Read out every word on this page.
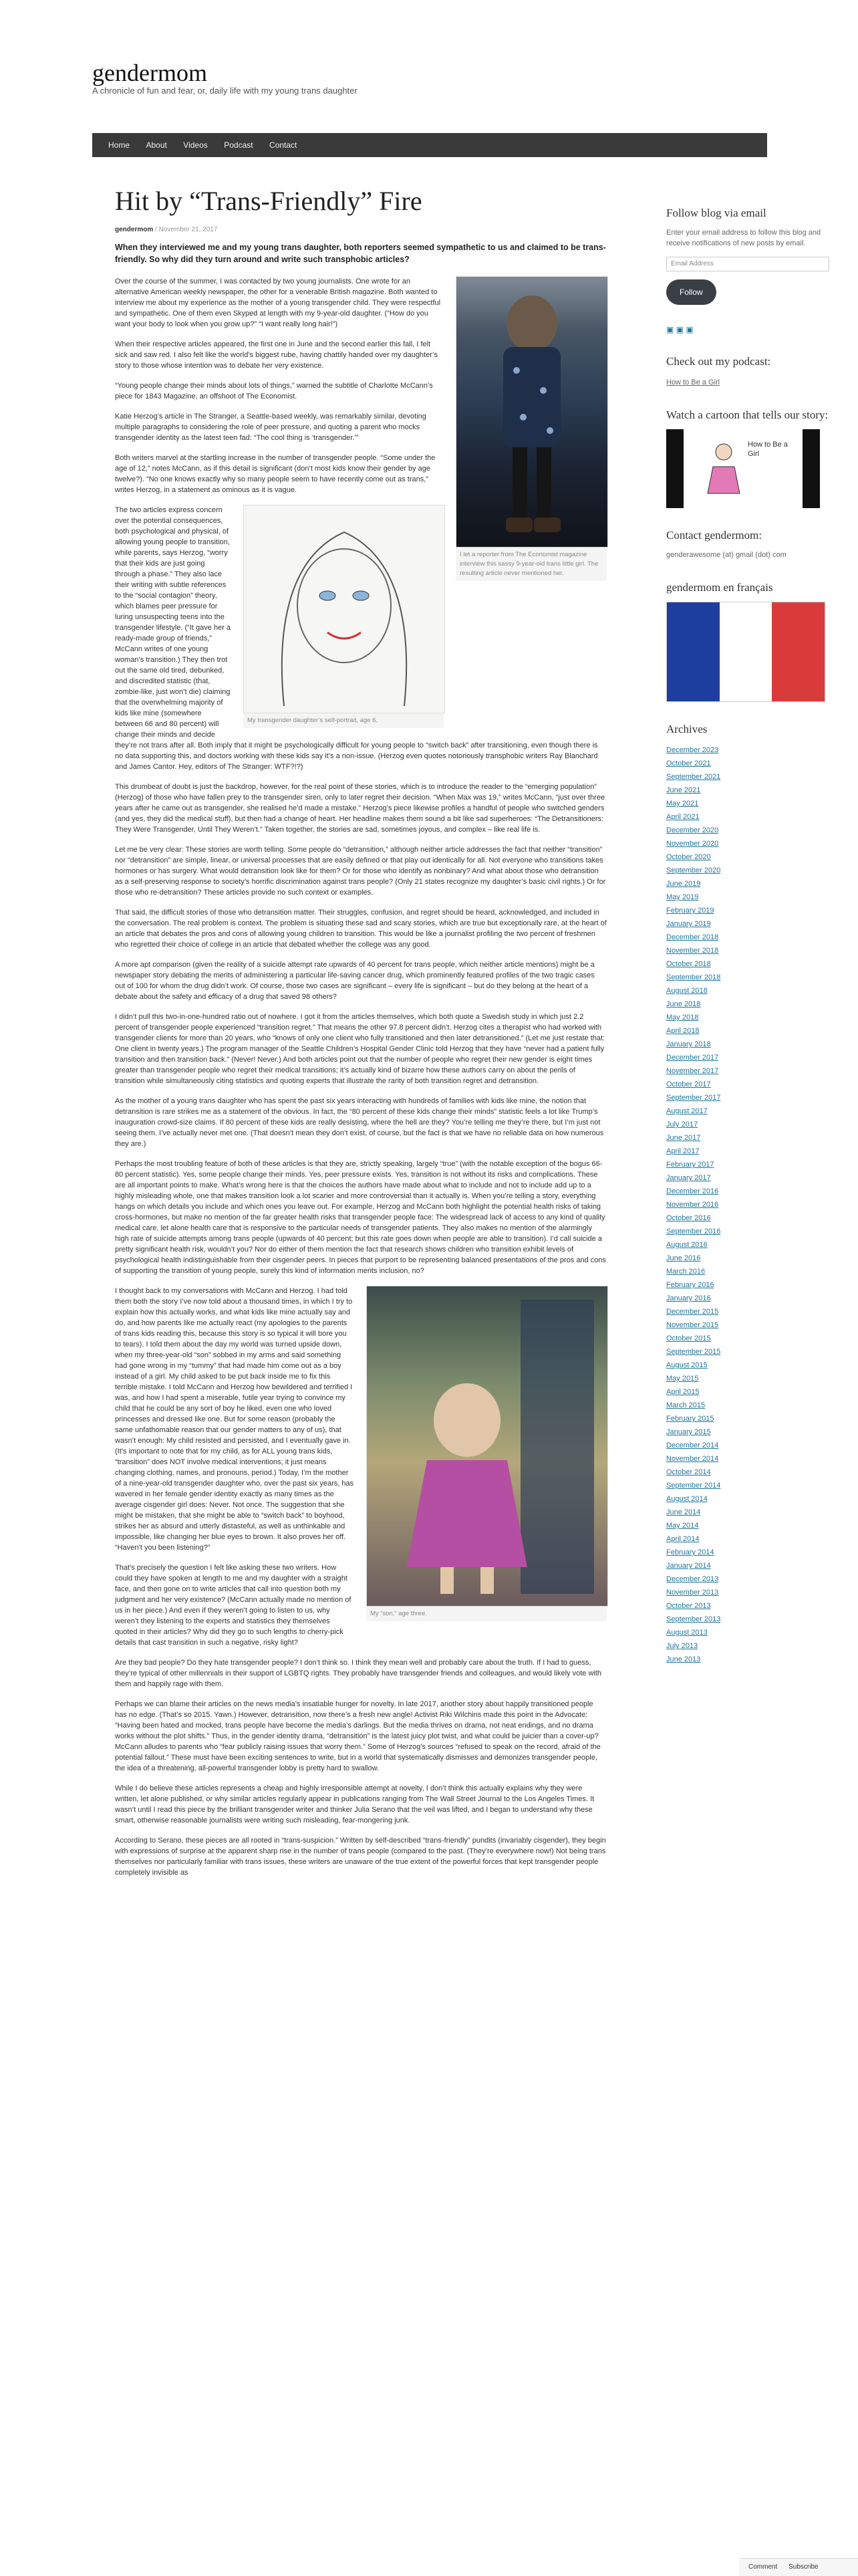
gendermom
A chronicle of fun and fear, or, daily life with my young trans daughter
Home About Videos Podcast Contact
Hit by “Trans-Friendly” Fire
gendermom / November 21, 2017
When they interviewed me and my young trans daughter, both reporters seemed sympathetic to us and claimed to be trans-friendly. So why did they turn around and write such transphobic articles?
I let a reporter from The Economist magazine interview this sassy 9-year-old trans little girl. The resulting article never mentioned her.

Over the course of the summer, I was contacted by two young journalists. One wrote for an alternative American weekly newspaper, the other for a venerable British magazine. Both wanted to interview me about my experience as the mother of a young transgender child. They were respectful and sympathetic. One of them even Skyped at length with my 9-year-old daughter. (“How do you want your body to look when you grow up?” “I want really long hair!”)

When their respective articles appeared, the first one in June and the second earlier this fall, I felt sick and saw red. I also felt like the world’s biggest rube, having chattily handed over my daughter’s story to those whose intention was to debate her very existence.

“Young people change their minds about lots of things,” warned the subtitle of Charlotte McCann’s piece for 1843 Magazine, an offshoot of The Economist.

Katie Herzog’s article in The Stranger, a Seattle-based weekly, was remarkably similar, devoting multiple paragraphs to considering the role of peer pressure, and quoting a parent who mocks transgender identity as the latest teen fad: “The cool thing is ‘transgender.’”

Both writers marvel at the startling increase in the number of transgender people. “Some under the age of 12,” notes McCann, as if this detail is significant (don’t most kids know their gender by age twelve?). “No one knows exactly why so many people seem to have recently come out as trans,” writes Herzog, in a statement as ominous as it is vague.

My transgender daughter’s self-portrait, age 6.

The two articles express concern over the potential consequences, both psychological and physical, of allowing young people to transition, while parents, says Herzog, “worry that their kids are just going through a phase.” They also lace their writing with subtle references to the “social contagion” theory, which blames peer pressure for luring unsuspecting teens into the transgender lifestyle. (“It gave her a ready-made group of friends,” McCann writes of one young woman’s transition.) They then trot out the same old tired, debunked, and discredited statistic (that, zombie-like, just won’t die) claiming that the overwhelming majority of kids like mine (somewhere between 66 and 80 percent) will change their minds and decide they’re not trans after all. Both imply that it might be psychologically difficult for young people to “switch back” after transitioning, even though there is no data supporting this, and doctors working with these kids say it’s a non-issue. (Herzog even quotes notoriously transphobic writers Ray Blanchard and James Cantor. Hey, editors of The Stranger: WTF?!?)

This drumbeat of doubt is just the backdrop, however, for the real point of these stories, which is to introduce the reader to the “emerging population” (Herzog) of those who have fallen prey to the transgender siren, only to later regret their decision. “When Max was 19,” writes McCann, “just over three years after he came out as transgender, she realised he’d made a mistake.” Herzog’s piece likewise profiles a handful of people who switched genders (and yes, they did the medical stuff), but then had a change of heart. Her headline makes them sound a bit like sad superheroes: “The Detransitioners: They Were Transgender, Until They Weren’t.” Taken together, the stories are sad, sometimes joyous, and complex – like real life is.

Let me be very clear: These stories are worth telling. Some people do “detransition,” although neither article addresses the fact that neither “transition” nor “detransition” are simple, linear, or universal processes that are easily defined or that play out identically for all. Not everyone who transitions takes hormones or has surgery. What would detransition look like for them? Or for those who identify as nonbinary? And what about those who detransition as a self-preserving response to society’s horrific discrimination against trans people? (Only 21 states recognize my daughter’s basic civil rights.) Or for those who re-detransition? These articles provide no such context or examples.

That said, the difficult stories of those who detransition matter. Their struggles, confusion, and regret should be heard, acknowledged, and included in the conversation. The real problem is context. The problem is situating these sad and scary stories, which are true but exceptionally rare, at the heart of an article that debates the pros and cons of allowing young children to transition. This would be like a journalist profiling the two percent of freshmen who regretted their choice of college in an article that debated whether the college was any good.

A more apt comparison (given the reality of a suicide attempt rate upwards of 40 percent for trans people, which neither article mentions) might be a newspaper story debating the merits of administering a particular life-saving cancer drug, which prominently featured profiles of the two tragic cases out of 100 for whom the drug didn’t work. Of course, those two cases are significant – every life is significant – but do they belong at the heart of a debate about the safety and efficacy of a drug that saved 98 others?

I didn’t pull this two-in-one-hundred ratio out of nowhere. I got it from the articles themselves, which both quote a Swedish study in which just 2.2 percent of transgender people experienced “transition regret.” That means the other 97.8 percent didn’t. Herzog cites a therapist who had worked with transgender clients for more than 20 years, who “knows of only one client who fully transitioned and then later detransitioned.” (Let me just restate that: One client in twenty years.) The program manager of the Seattle Children’s Hospital Gender Clinic told Herzog that they have “never had a patient fully transition and then transition back.” (Never! Never.) And both articles point out that the number of people who regret their new gender is eight times greater than transgender people who regret their medical transitions; it’s actually kind of bizarre how these authors carry on about the perils of transition while simultaneously citing statistics and quoting experts that illustrate the rarity of both transition regret and detransition.

As the mother of a young trans daughter who has spent the past six years interacting with hundreds of families with kids like mine, the notion that detransition is rare strikes me as a statement of the obvious. In fact, the “80 percent of these kids change their minds” statistic feels a lot like Trump’s inauguration crowd-size claims. If 80 percent of these kids are really desisting, where the hell are they? You’re telling me they’re there, but I’m just not seeing them. I’ve actually never met one. (That doesn’t mean they don’t exist, of course, but the fact is that we have no reliable data on how numerous they are.)

Perhaps the most troubling feature of both of these articles is that they are, strictly speaking, largely “true” (with the notable exception of the bogus 66-80 percent statistic). Yes, some people change their minds. Yes, peer pressure exists. Yes, transition is not without its risks and complications. These are all important points to make. What’s wrong here is that the choices the authors have made about what to include and not to include add up to a highly misleading whole, one that makes transition look a lot scarier and more controversial than it actually is. When you’re telling a story, everything hangs on which details you include and which ones you leave out. For example, Herzog and McCann both highlight the potential health risks of taking cross-hormones, but make no mention of the far greater health risks that transgender people face: The widespread lack of access to any kind of quality medical care, let alone health care that is responsive to the particular needs of transgender patients. They also makes no mention of the alarmingly high rate of suicide attempts among trans people (upwards of 40 percent; but this rate goes down when people are able to transition). I’d call suicide a pretty significant health risk, wouldn’t you? Nor do either of them mention the fact that research shows children who transition exhibit levels of psychological health indistinguishable from their cisgender peers. In pieces that purport to be representing balanced presentations of the pros and cons of supporting the transition of young people, surely this kind of information merits inclusion, no?

My “son,” age three.

I thought back to my conversations with McCann and Herzog. I had told them both the story I’ve now told about a thousand times, in which I try to explain how this actually works, and what kids like mine actually say and do, and how parents like me actually react (my apologies to the parents of trans kids reading this, because this story is so typical it will bore you to tears). I told them about the day my world was turned upside down, when my three-year-old “son” sobbed in my arms and said something had gone wrong in my “tummy” that had made him come out as a boy instead of a girl. My child asked to be put back inside me to fix this terrible mistake. I told McCann and Herzog how bewildered and terrified I was, and how I had spent a miserable, futile year trying to convince my child that he could be any sort of boy he liked, even one who loved princesses and dressed like one. But for some reason (probably the same unfathomable reason that our gender matters to any of us), that wasn’t enough: My child resisted and persisted, and I eventually gave in. (It’s important to note that for my child, as for ALL young trans kids, “transition” does NOT involve medical interventions; it just means changing clothing, names, and pronouns, period.) Today, I’m the mother of a nine-year-old transgender daughter who, over the past six years, has wavered in her female gender identity exactly as many times as the average cisgender girl does: Never. Not once. The suggestion that she might be mistaken, that she might be able to “switch back” to boyhood, strikes her as absurd and utterly distasteful, as well as unthinkable and impossible, like changing her blue eyes to brown. It also proves her off. “Haven’t you been listening?”

That’s precisely the question I felt like asking these two writers. How could they have spoken at length to me and my daughter with a straight face, and then gone on to write articles that call into question both my judgment and her very existence? (McCann actually made no mention of us in her piece.) And even if they weren’t going to listen to us, why weren’t they listening to the experts and statistics they themselves quoted in their articles? Why did they go to such lengths to cherry-pick details that cast transition in such a negative, risky light?

Are they bad people? Do they hate transgender people? I don’t think so. I think they mean well and probably care about the truth. If I had to guess, they’re typical of other millennials in their support of LGBTQ rights. They probably have transgender friends and colleagues, and would likely vote with them and happily rage with them.

Perhaps we can blame their articles on the news media’s insatiable hunger for novelty. In late 2017, another story about happily transitioned people has no edge. (That’s so 2015. Yawn.) However, detransition, now there’s a fresh new angle! Activist Riki Wilchins made this point in the Advocate: “Having been hated and mocked, trans people have become the media’s darlings. But the media thrives on drama, not neat endings, and no drama works without the plot shifts.” Thus, in the gender identity drama, “detransition” is the latest juicy plot twist, and what could be juicier than a cover-up? McCann alludes to parents who “fear publicly raising issues that worry them.” Some of Herzog’s sources “refused to speak on the record, afraid of the potential fallout.” These must have been exciting sentences to write, but in a world that systematically dismisses and demonizes transgender people, the idea of a threatening, all-powerful transgender lobby is pretty hard to swallow.

While I do believe these articles represents a cheap and highly irresponsible attempt at novelty, I don’t think this actually explains why they were written, let alone published, or why similar articles regularly appear in publications ranging from The Wall Street Journal to the Los Angeles Times. It wasn’t until I read this piece by the brilliant transgender writer and thinker Julia Serano that the veil was lifted, and I began to understand why these smart, otherwise reasonable journalists were writing such misleading, fear-mongering junk.

According to Serano, these pieces are all rooted in “trans-suspicion.” Written by self-described “trans-friendly” pundits (invariably cisgender), they begin with expressions of surprise at the apparent sharp rise in the number of trans people (compared to the past. (They’re everywhere now!) Not being trans themselves nor particularly familiar with trans issues, these writers are unaware of the true extent of the powerful forces that kept transgender people completely invisible as

Follow blog via email
Enter your email address to follow this blog and receive notifications of new posts by email.
Email Address
Follow
▣ ▣ ▣
Check out my podcast:
How to Be a Girl
Watch a cartoon that tells our story:
How to Be a Girl
Contact gendermom:
genderawesome (at) gmail (dot) com
gendermom en français
Archives
December 2023
October 2021
September 2021
June 2021
May 2021
April 2021
December 2020
November 2020
October 2020
September 2020
June 2019
May 2019
February 2019
January 2019
December 2018
November 2018
October 2018
September 2018
August 2018
June 2018
May 2018
April 2018
January 2018
December 2017
November 2017
October 2017
September 2017
August 2017
July 2017
June 2017
April 2017
February 2017
January 2017
December 2016
November 2016
October 2016
September 2016
August 2016
June 2016
March 2016
February 2016
January 2016
December 2015
November 2015
October 2015
September 2015
August 2015
May 2015
April 2015
March 2015
February 2015
January 2015
December 2014
November 2014
October 2014
September 2014
August 2014
June 2014
May 2014
April 2014
February 2014
January 2014
December 2013
November 2013
October 2013
September 2013
August 2013
July 2013
June 2013
Comment Subscribe
